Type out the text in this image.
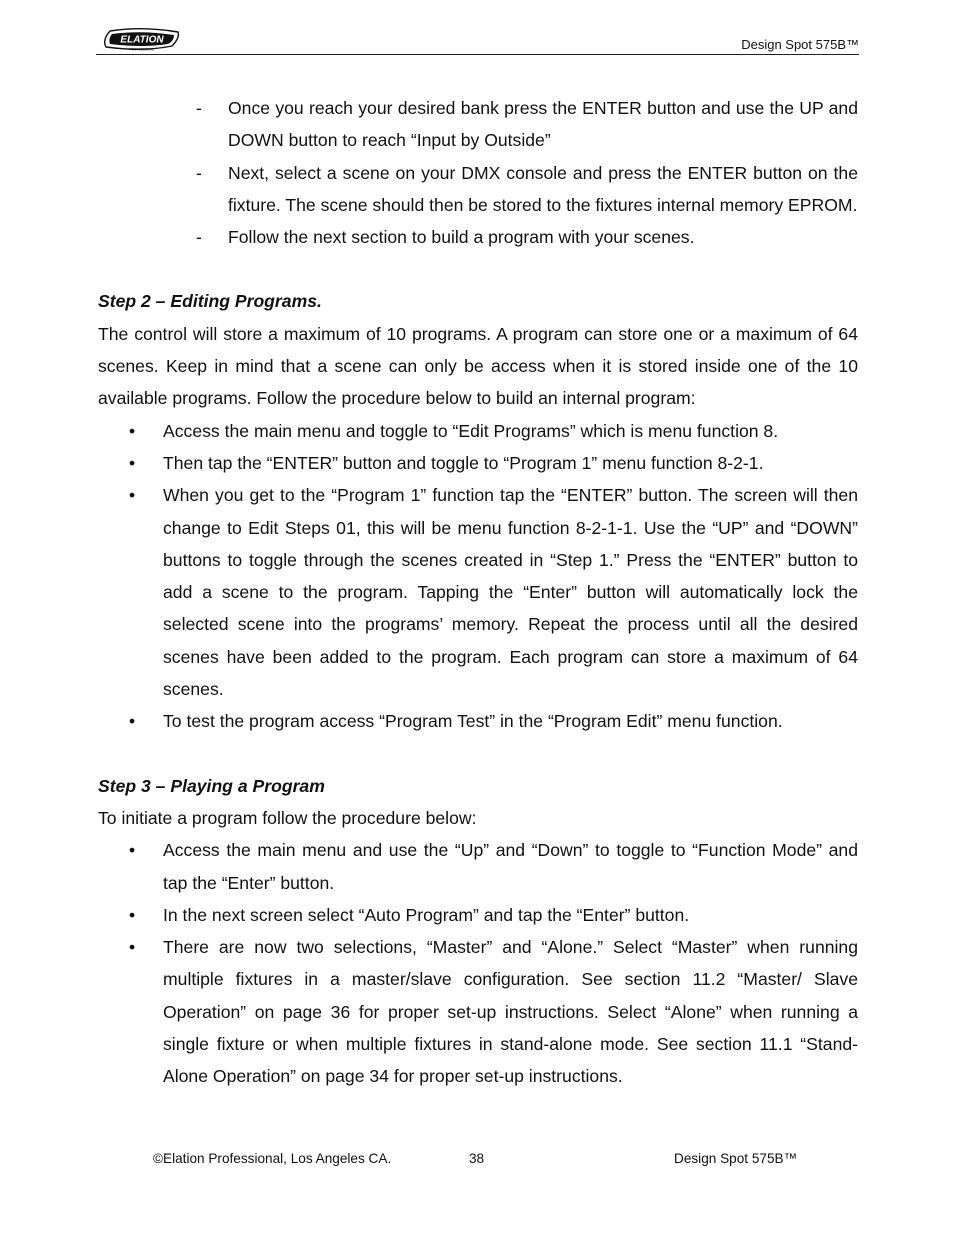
ELATION
PROFESSIONAL	Design Spot 575B™
- Once you reach your desired bank press the ENTER button and use the UP and DOWN button to reach “Input by Outside”
- Next, select a scene on your DMX console and press the ENTER button on the fixture. The scene should then be stored to the fixtures internal memory EPROM.
- Follow the next section to build a program with your scenes.
Step 2 – Editing Programs.
The control will store a maximum of 10 programs. A program can store one or a maximum of 64 scenes. Keep in mind that a scene can only be access when it is stored inside one of the 10 available programs. Follow the procedure below to build an internal program:
• Access the main menu and toggle to “Edit Programs” which is menu function 8.
• Then tap the “ENTER” button and toggle to “Program 1” menu function 8-2-1.
• When you get to the “Program 1” function tap the “ENTER” button. The screen will then change to Edit Steps 01, this will be menu function 8-2-1-1. Use the “UP” and “DOWN” buttons to toggle through the scenes created in “Step 1.” Press the “ENTER” button to add a scene to the program. Tapping the “Enter” button will automatically lock the selected scene into the programs’ memory. Repeat the process until all the desired scenes have been added to the program. Each program can store a maximum of 64 scenes.
• To test the program access “Program Test” in the “Program Edit” menu function.
Step 3 – Playing a Program
To initiate a program follow the procedure below:
• Access the main menu and use the “Up” and “Down” to toggle to “Function Mode” and tap the “Enter” button.
• In the next screen select “Auto Program” and tap the “Enter” button.
• There are now two selections, “Master” and “Alone.” Select “Master” when running multiple fixtures in a master/slave configuration. See section 11.2 “Master/ Slave Operation” on page 36 for proper set-up instructions. Select “Alone” when running a single fixture or when multiple fixtures in stand-alone mode. See section 11.1 “Stand-Alone Operation” on page 34 for proper set-up instructions.
©Elation Professional, Los Angeles CA.	38	Design Spot 575B™
